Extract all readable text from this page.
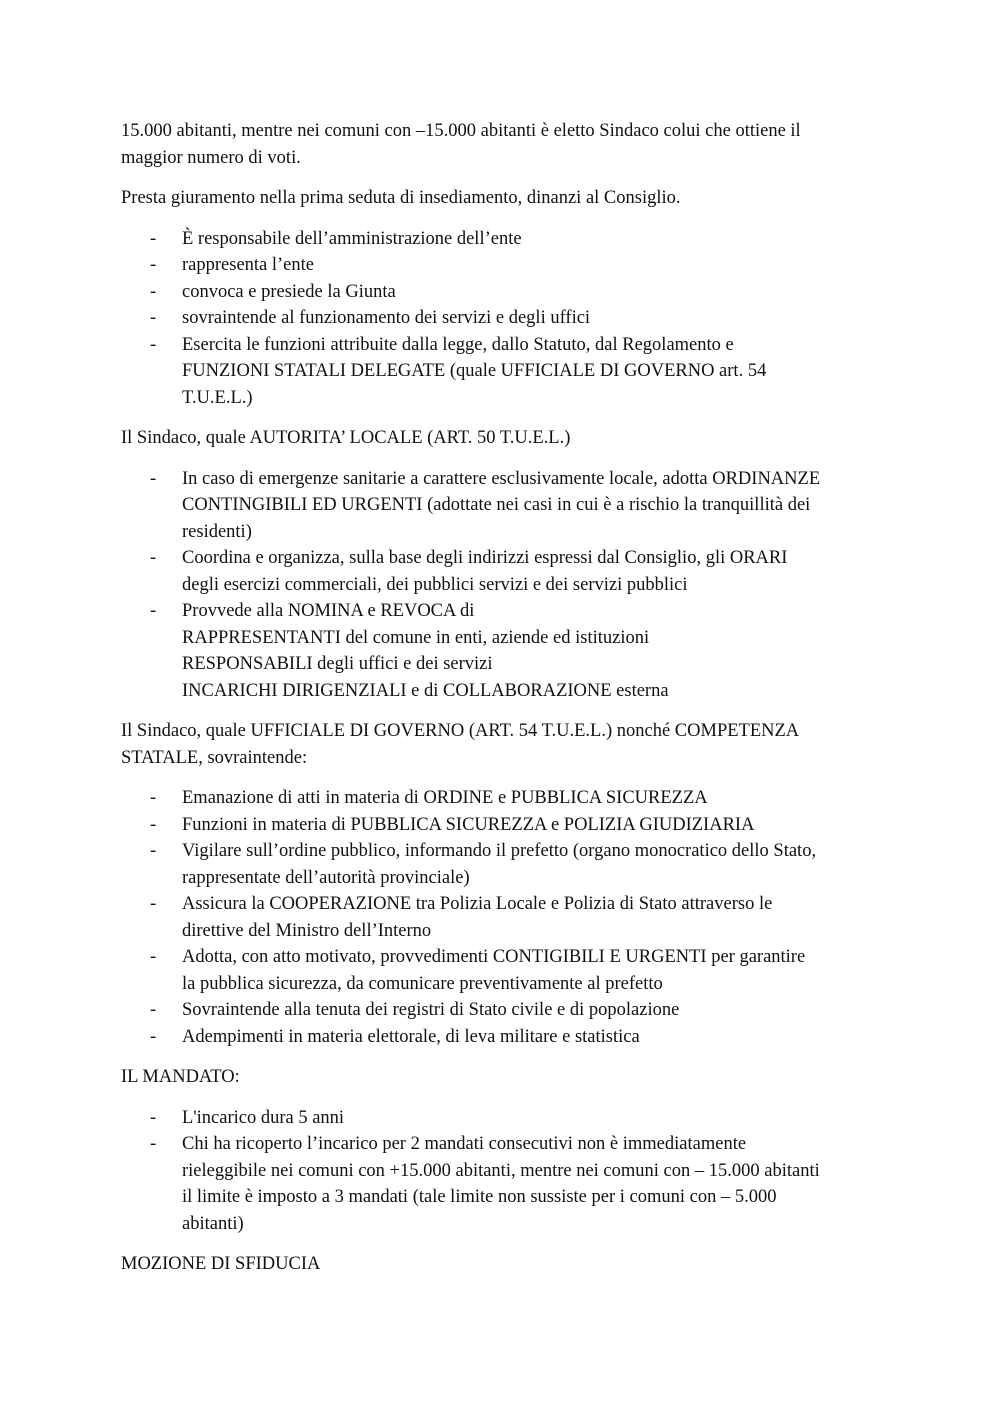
15.000 abitanti, mentre nei comuni con –15.000 abitanti è eletto Sindaco colui che ottiene il
maggior numero di voti.

Presta giuramento nella prima seduta di insediamento, dinanzi al Consiglio.

- È responsabile dell’amministrazione dell’ente
- rappresenta l’ente
- convoca e presiede la Giunta
- sovraintende al funzionamento dei servizi e degli uffici
- Esercita le funzioni attribuite dalla legge, dallo Statuto, dal Regolamento e
FUNZIONI STATALI DELEGATE (quale UFFICIALE DI GOVERNO art. 54
T.U.E.L.)

Il Sindaco, quale AUTORITA’ LOCALE (ART. 50 T.U.E.L.)

- In caso di emergenze sanitarie a carattere esclusivamente locale, adotta ORDINANZE
CONTINGIBILI ED URGENTI (adottate nei casi in cui è a rischio la tranquillità dei
residenti)
- Coordina e organizza, sulla base degli indirizzi espressi dal Consiglio, gli ORARI
degli esercizi commerciali, dei pubblici servizi e dei servizi pubblici
- Provvede alla NOMINA e REVOCA di
RAPPRESENTANTI del comune in enti, aziende ed istituzioni
RESPONSABILI degli uffici e dei servizi
INCARICHI DIRIGENZIALI e di COLLABORAZIONE esterna

Il Sindaco, quale UFFICIALE DI GOVERNO (ART. 54 T.U.E.L.) nonché COMPETENZA
STATALE, sovraintende:

- Emanazione di atti in materia di ORDINE e PUBBLICA SICUREZZA
- Funzioni in materia di PUBBLICA SICUREZZA e POLIZIA GIUDIZIARIA
- Vigilare sull’ordine pubblico, informando il prefetto (organo monocratico dello Stato,
rappresentate dell’autorità provinciale)
- Assicura la COOPERAZIONE tra Polizia Locale e Polizia di Stato attraverso le
direttive del Ministro dell’Interno
- Adotta, con atto motivato, provvedimenti CONTIGIBILI E URGENTI per garantire
la pubblica sicurezza, da comunicare preventivamente al prefetto
- Sovraintende alla tenuta dei registri di Stato civile e di popolazione
- Adempimenti in materia elettorale, di leva militare e statistica

IL MANDATO:

- L'incarico dura 5 anni
- Chi ha ricoperto l’incarico per 2 mandati consecutivi non è immediatamente
rieleggibile nei comuni con +15.000 abitanti, mentre nei comuni con – 15.000 abitanti
il limite è imposto a 3 mandati (tale limite non sussiste per i comuni con – 5.000
abitanti)

MOZIONE DI SFIDUCIA
